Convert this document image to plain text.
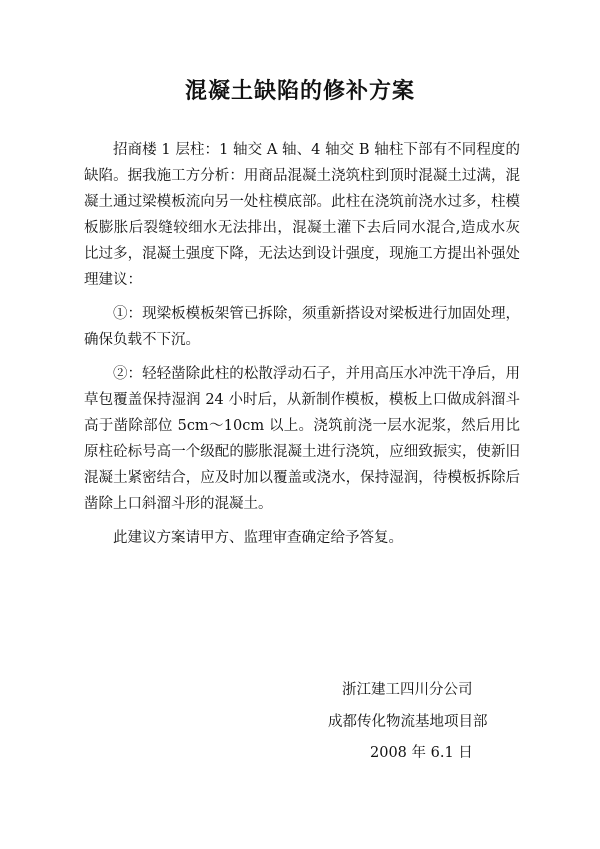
混凝土缺陷的修补方案

招商楼 1 层柱：1 轴交 A 轴、4 轴交 B 轴柱下部有不同程度的缺陷。据我施工方分析：用商品混凝土浇筑柱到顶时混凝土过满，混凝土通过梁模板流向另一处柱模底部。此柱在浇筑前浇水过多，柱模板膨胀后裂缝较细水无法排出，混凝土灌下去后同水混合,造成水灰比过多，混凝土强度下降，无法达到设计强度，现施工方提出补强处理建议：

①：现梁板模板架管已拆除，须重新搭设对梁板进行加固处理，确保负载不下沉。

②：轻轻凿除此柱的松散浮动石子，并用高压水冲洗干净后，用草包覆盖保持湿润 24 小时后，从新制作模板，模板上口做成斜溜斗高于凿除部位 5cm～10cm 以上。浇筑前浇一层水泥浆，然后用比原柱砼标号高一个级配的膨胀混凝土进行浇筑，应细致振实，使新旧混凝土紧密结合，应及时加以覆盖或浇水，保持湿润，待模板拆除后凿除上口斜溜斗形的混凝土。

此建议方案请甲方、监理审查确定给予答复。

浙江建工四川分公司
成都传化物流基地项目部
2008 年 6.1 日
